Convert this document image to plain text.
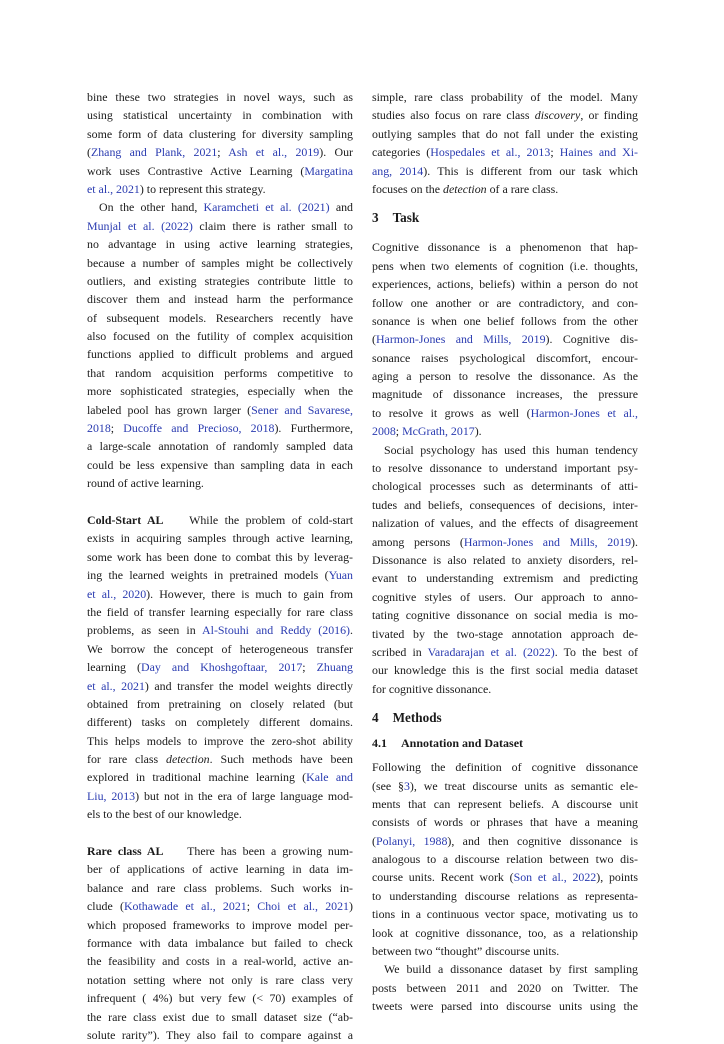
bine these two strategies in novel ways, such as
using statistical uncertainty in combination with
some form of data clustering for diversity sampling
(Zhang and Plank, 2021; Ash et al., 2019). Our
work uses Contrastive Active Learning (Margatina
et al., 2021) to represent this strategy.
On the other hand, Karamcheti et al. (2021) and
Munjal et al. (2022) claim there is rather small to
no advantage in using active learning strategies,
because a number of samples might be collectively
outliers, and existing strategies contribute little to
discover them and instead harm the performance
of subsequent models. Researchers recently have
also focused on the futility of complex acquisition
functions applied to difficult problems and argued
that random acquisition performs competitive to
more sophisticated strategies, especially when the
labeled pool has grown larger (Sener and Savarese,
2018; Ducoffe and Precioso, 2018). Furthermore,
a large-scale annotation of randomly sampled data
could be less expensive than sampling data in each
round of active learning.
Cold-Start AL    While the problem of cold-start
exists in acquiring samples through active learning,
some work has been done to combat this by leverag-
ing the learned weights in pretrained models (Yuan
et al., 2020). However, there is much to gain from
the field of transfer learning especially for rare class
problems, as seen in Al-Stouhi and Reddy (2016).
We borrow the concept of heterogeneous transfer
learning (Day and Khoshgoftaar, 2017; Zhuang
et al., 2021) and transfer the model weights directly
obtained from pretraining on closely related (but
different) tasks on completely different domains.
This helps models to improve the zero-shot ability
for rare class detection. Such methods have been
explored in traditional machine learning (Kale and
Liu, 2013) but not in the era of large language mod-
els to the best of our knowledge.
Rare class AL    There has been a growing num-
ber of applications of active learning in data im-
balance and rare class problems. Such works in-
clude (Kothawade et al., 2021; Choi et al., 2021)
which proposed frameworks to improve model per-
formance with data imbalance but failed to check
the feasibility and costs in a real-world, active an-
notation setting where not only is rare class very
infrequent ( 4%) but very few (< 70) examples of
the rare class exist due to small dataset size (“ab-
solute rarity”). They also fail to compare against a
simple, rare class probability of the model. Many
studies also focus on rare class discovery, or finding
outlying samples that do not fall under the existing
categories (Hospedales et al., 2013; Haines and Xi-
ang, 2014). This is different from our task which
focuses on the detection of a rare class.
3 Task
Cognitive dissonance is a phenomenon that hap-
pens when two elements of cognition (i.e. thoughts,
experiences, actions, beliefs) within a person do not
follow one another or are contradictory, and con-
sonance is when one belief follows from the other
(Harmon-Jones and Mills, 2019). Cognitive dis-
sonance raises psychological discomfort, encour-
aging a person to resolve the dissonance. As the
magnitude of dissonance increases, the pressure
to resolve it grows as well (Harmon-Jones et al.,
2008; McGrath, 2017).
Social psychology has used this human tendency
to resolve dissonance to understand important psy-
chological processes such as determinants of atti-
tudes and beliefs, consequences of decisions, inter-
nalization of values, and the effects of disagreement
among persons (Harmon-Jones and Mills, 2019).
Dissonance is also related to anxiety disorders, rel-
evant to understanding extremism and predicting
cognitive styles of users. Our approach to anno-
tating cognitive dissonance on social media is mo-
tivated by the two-stage annotation approach de-
scribed in Varadarajan et al. (2022). To the best of
our knowledge this is the first social media dataset
for cognitive dissonance.
4 Methods
4.1 Annotation and Dataset
Following the definition of cognitive dissonance
(see §3), we treat discourse units as semantic ele-
ments that can represent beliefs. A discourse unit
consists of words or phrases that have a meaning
(Polanyi, 1988), and then cognitive dissonance is
analogous to a discourse relation between two dis-
course units. Recent work (Son et al., 2022), points
to understanding discourse relations as representa-
tions in a continuous vector space, motivating us to
look at cognitive dissonance, too, as a relationship
between two “thought” discourse units.
We build a dissonance dataset by first sampling
posts between 2011 and 2020 on Twitter. The
tweets were parsed into discourse units using the
